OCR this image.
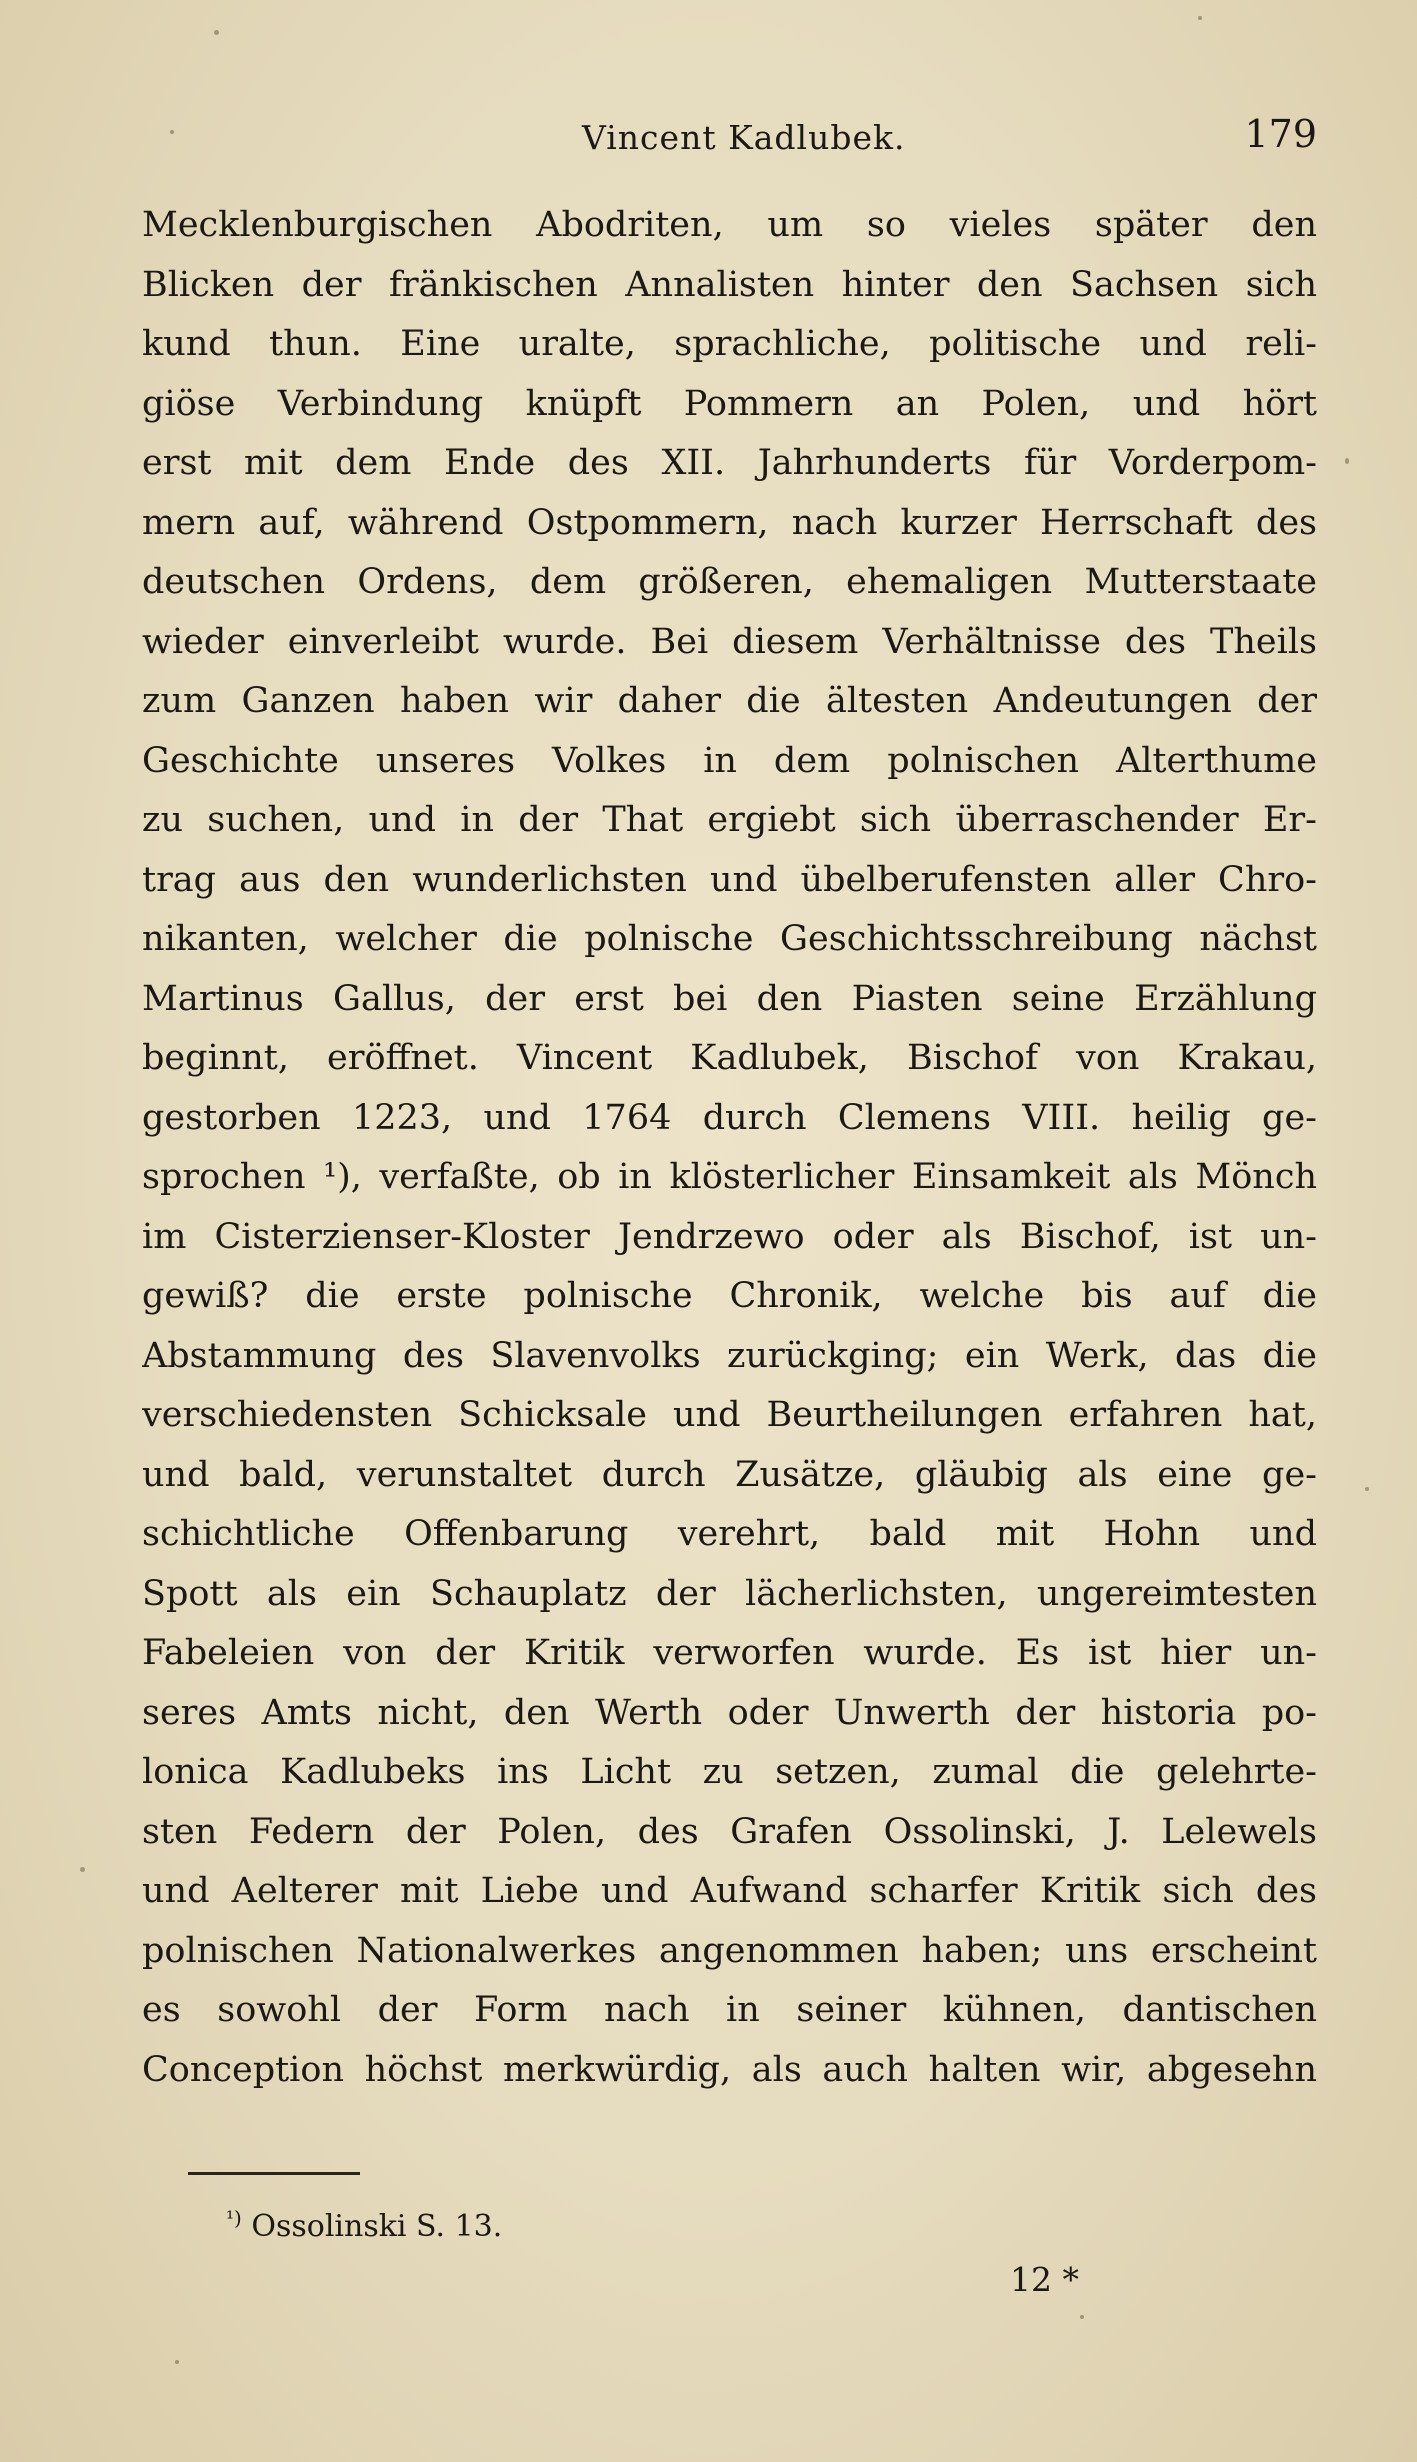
Vincent Kadlubek.	179
Mecklenburgischen Abodriten, um so vieles später den
Blicken der fränkischen Annalisten hinter den Sachsen sich
kund thun. Eine uralte, sprachliche, politische und reli-
giöse Verbindung knüpft Pommern an Polen, und hört
erst mit dem Ende des XII. Jahrhunderts für Vorderpom-
mern auf, während Ostpommern, nach kurzer Herrschaft des
deutschen Ordens, dem größeren, ehemaligen Mutterstaate
wieder einverleibt wurde. Bei diesem Verhältnisse des Theils
zum Ganzen haben wir daher die ältesten Andeutungen der
Geschichte unseres Volkes in dem polnischen Alterthume
zu suchen, und in der That ergiebt sich überraschender Er-
trag aus den wunderlichsten und übelberufensten aller Chro-
nikanten, welcher die polnische Geschichtsschreibung nächst
Martinus Gallus, der erst bei den Piasten seine Erzählung
beginnt, eröffnet. Vincent Kadlubek, Bischof von Krakau,
gestorben 1223, und 1764 durch Clemens VIII. heilig ge-
sprochen ¹), verfaßte, ob in klösterlicher Einsamkeit als Mönch
im Cisterzienser-Kloster Jendrzewo oder als Bischof, ist un-
gewiß? die erste polnische Chronik, welche bis auf die
Abstammung des Slavenvolks zurückging; ein Werk, das die
verschiedensten Schicksale und Beurtheilungen erfahren hat,
und bald, verunstaltet durch Zusätze, gläubig als eine ge-
schichtliche Offenbarung verehrt, bald mit Hohn und
Spott als ein Schauplatz der lächerlichsten, ungereimtesten
Fabeleien von der Kritik verworfen wurde. Es ist hier un-
seres Amts nicht, den Werth oder Unwerth der historia po-
lonica Kadlubeks ins Licht zu setzen, zumal die gelehrte-
sten Federn der Polen, des Grafen Ossolinski, J. Lelewels
und Aelterer mit Liebe und Aufwand scharfer Kritik sich des
polnischen Nationalwerkes angenommen haben; uns erscheint
es sowohl der Form nach in seiner kühnen, dantischen
Conception höchst merkwürdig, als auch halten wir, abgesehn
$^{^1)}$ Ossolinski S. 13.
12 *
